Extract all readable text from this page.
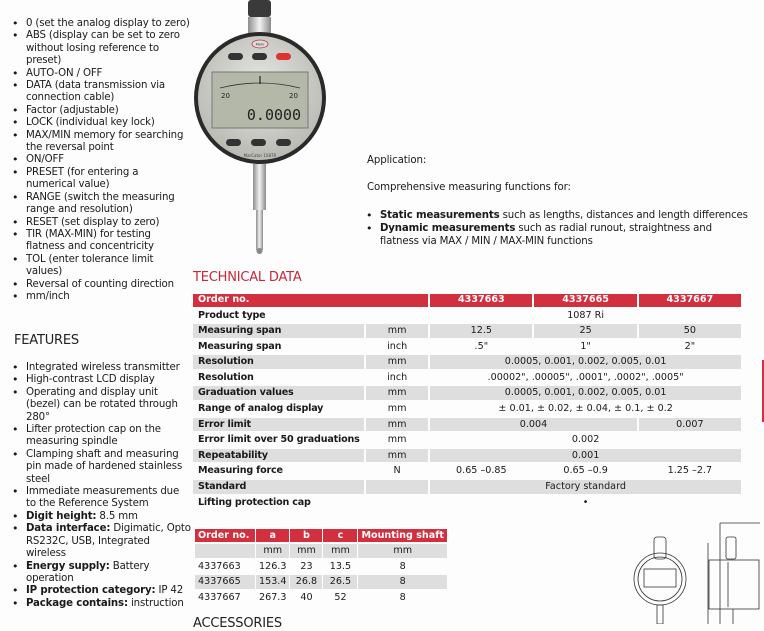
• 0 (set the analog display to zero)
• ABS (display can be set to zero without losing reference to preset)
• AUTO-ON / OFF
• DATA (data transmission via connection cable)
• Factor (adjustable)
• LOCK (individual key lock)
• MAX/MIN memory for searching the reversal point
• ON/OFF
• PRESET (for entering a numerical value)
• RANGE (switch the measuring range and resolution)
• RESET (set display to zero)
• TIR (MAX-MIN) for testing flatness and concentricity
• TOL (enter tolerance limit values)
• Reversal of counting direction
• mm/inch
FEATURES
• Integrated wireless transmitter
• High-contrast LCD display
• Operating and display unit (bezel) can be rotated through 280°
• Lifter protection cap on the measuring spindle
• Clamping shaft and measuring pin made of hardened stainless steel
• Immediate measurements due to the Reference System
• Digit height: 8.5 mm
• Data interface: Digimatic, Opto RS232C, USB, Integrated wireless
• Energy supply: Battery operation
• IP protection category: IP 42
• Package contains: instruction
Mahr
20	20
0.0000
MarCator 1087R	Application:
Comprehensive measuring functions for:
• Static measurements such as lengths, distances and length differences
• Dynamic measurements such as radial runout, straightness and flatness via MAX / MIN / MAX-MIN functions
TECHNICAL DATA
Order no.		4337663	4337665	4337667
Product type		1087 Ri		
Measuring span	mm	12.5	25	50
Measuring span	inch	.5"	1"	2"
Resolution	mm	0.0005, 0.001, 0.002, 0.005, 0.01		
Resolution	inch	.00002", .00005", .0001", .0002", .0005"		
Graduation values	mm	0.0005, 0.001, 0.002, 0.005, 0.01		
Range of analog display	mm	± 0.01, ± 0.02, ± 0.04, ± 0.1, ± 0.2		
Error limit	mm	0.004		0.007
Error limit over 50 graduations	mm	0.002		
Repeatability	mm	0.001		
Measuring force	N	0.65 –0.85	0.65 –0.9	1.25 –2.7
Standard		Factory standard		
Lifting protection cap		•		
Order no.	a	b	c	Mounting shaft
	mm	mm	mm	mm
4337663	126.3	23	13.5	8
4337665	153.4	26.8	26.5	8
4337667	267.3	40	52	8
ACCESSORIES
